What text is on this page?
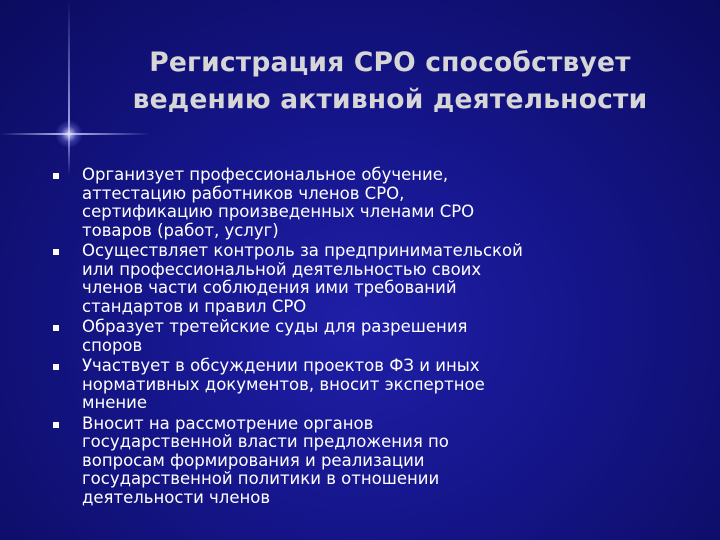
Регистрация СРО способствует
ведению активной деятельности
Организует профессиональное обучение,
аттестацию работников членов СРО,
сертификацию произведенных членами СРО
товаров (работ, услуг)
Осуществляет контроль за предпринимательской
или профессиональной деятельностью своих
членов части соблюдения ими требований
стандартов и правил СРО
Образует третейские суды для разрешения
споров
Участвует в обсуждении проектов ФЗ и иных
нормативных документов, вносит экспертное
мнение
Вносит на рассмотрение органов
государственной власти предложения по
вопросам формирования и реализации
государственной политики в отношении
деятельности членов
